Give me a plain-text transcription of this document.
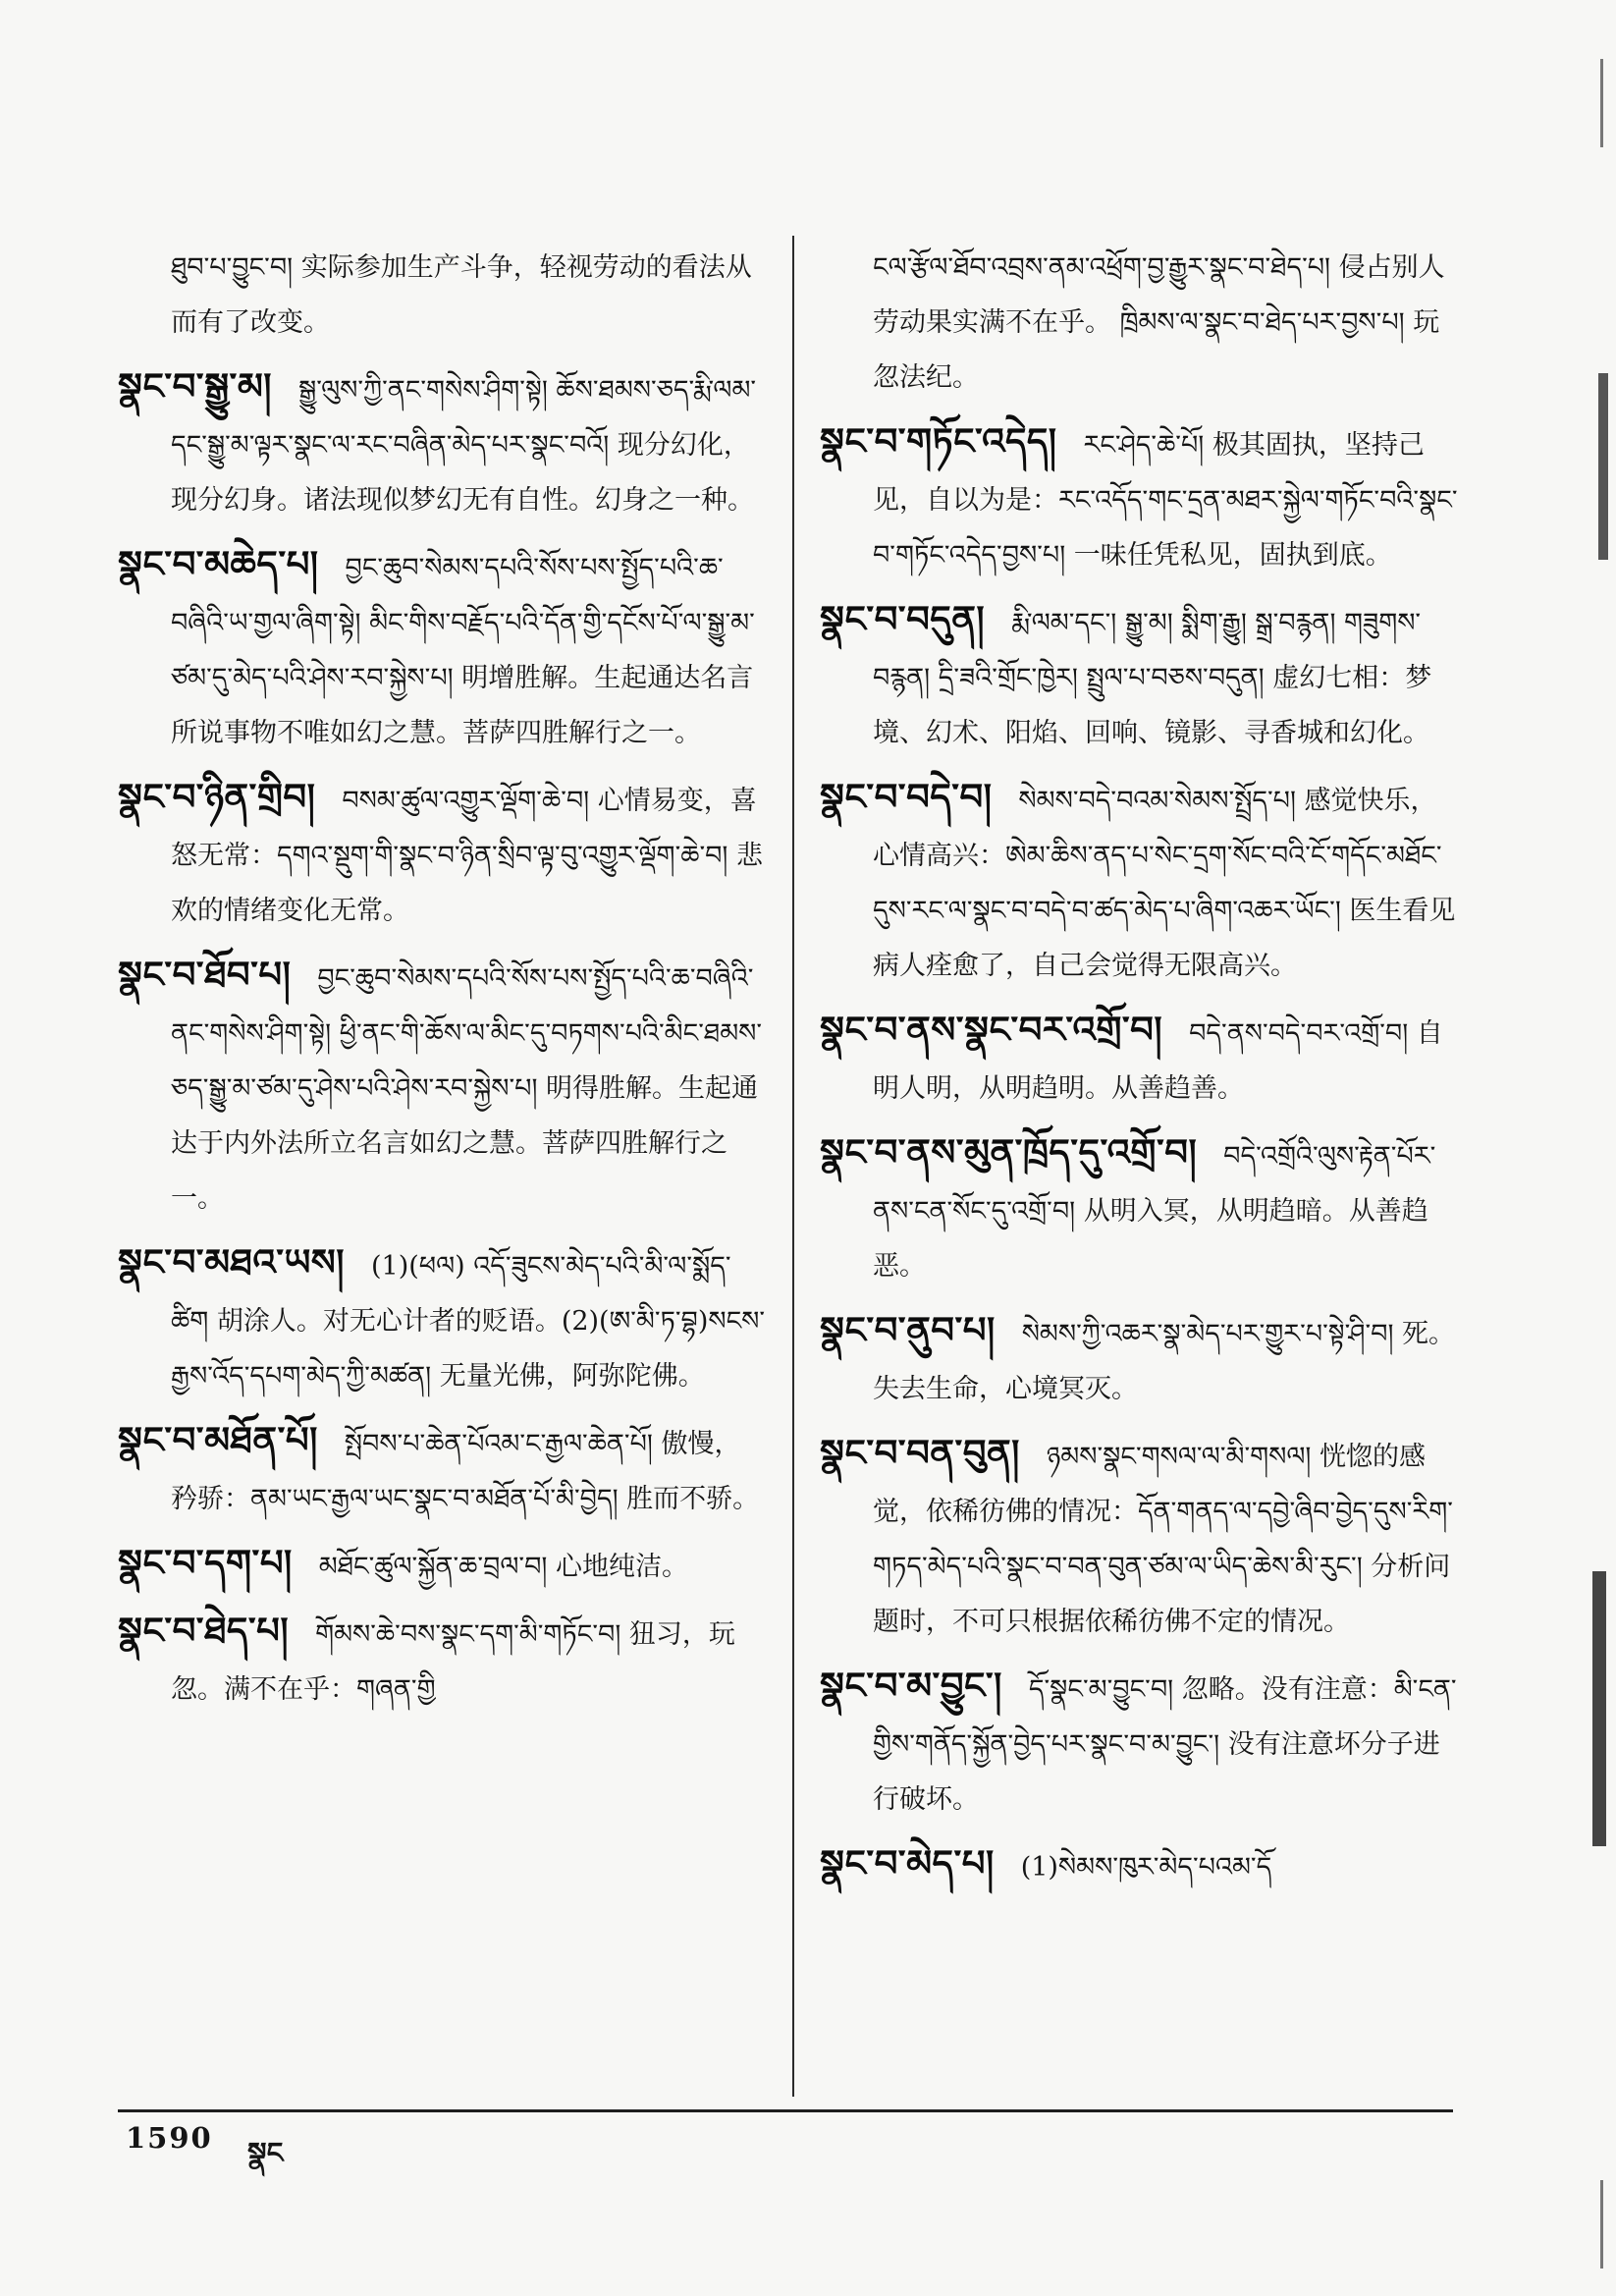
ཐུབ་པ་བྱུང་བ། 实际参加生产斗争，轻视劳动的看法从而有了改变。
སྣང་བ་སྒྱུ་མ།  སྒྱུ་ལུས་ཀྱི་ནང་གསེས་ཤིག་སྟེ། ཆོས་ཐམས་ཅད་རྨི་ལམ་དང་སྒྱུ་མ་ལྟར་སྣང་ལ་རང་བཞིན་མེད་པར་སྣང་བའོ། 现分幻化，现分幻身。诸法现似梦幻无有自性。幻身之一种。
སྣང་བ་མཆེད་པ།  བྱང་ཆུབ་སེམས་དཔའི་སོས་པས་སྤྱོད་པའི་ཆ་བཞིའི་ཡ་གྱལ་ཞིག་སྟེ། མིང་གིས་བརྗོད་པའི་དོན་གྱི་དངོས་པོ་ལ་སྒྱུ་མ་ཙམ་དུ་མེད་པའི་ཤེས་རབ་སྐྱེས་པ། 明增胜解。生起通达名言所说事物不唯如幻之慧。菩萨四胜解行之一。
སྣང་བ་ཉིན་གྲིབ།  བསམ་ཚུལ་འགྱུར་ལྡོག་ཆེ་བ། 心情易变，喜怒无常：དགའ་སྡུག་གི་སྣང་བ་ཉིན་སྲིབ་ལྟ་བུ་འགྱུར་ལྡོག་ཆེ་བ། 悲欢的情绪变化无常。
སྣང་བ་ཐོབ་པ།  བྱང་ཆུབ་སེམས་དཔའི་སོས་པས་སྤྱོད་པའི་ཆ་བཞིའི་ནང་གསེས་ཤིག་སྟེ། ཕྱི་ནང་གི་ཆོས་ལ་མིང་དུ་བཏགས་པའི་མིང་ཐམས་ཅད་སྒྱུ་མ་ཙམ་དུ་ཤེས་པའི་ཤེས་རབ་སྐྱེས་པ། 明得胜解。生起通达于内外法所立名言如幻之慧。菩萨四胜解行之一。
སྣང་བ་མཐའ་ཡས།  (1)(ཕལ) འདོ་ཟུངས་མེད་པའི་མི་ལ་སྨོད་ཚིག 胡涂人。对无心计者的贬语。(2)(ཨ་མི་ཏ་བྷ)སངས་རྒྱས་འོད་དཔག་མེད་ཀྱི་མཚན། 无量光佛，阿弥陀佛。
སྣང་བ་མཐོན་པོ།  སྤོབས་པ་ཆེན་པོའམ་ང་རྒྱལ་ཆེན་པོ། 傲慢，矜骄：ནམ་ཡང་རྒྱལ་ཡང་སྣང་བ་མཐོན་པོ་མི་བྱེད། 胜而不骄。
སྣང་བ་དག་པ།  མཐོང་ཚུལ་སྐྱོན་ཆ་བྲལ་བ། 心地纯洁。
སྣང་བ་ཐེད་པ།  གོམས་ཆེ་བས་སྣང་དག་མི་གཏོང་བ། 狃习，玩忽。满不在乎：གཞན་གྱི
ངལ་རྩོལ་ཐོབ་འབྲས་ནམ་འཕྲོག་བྱ་རྒྱུར་སྣང་བ་ཐེད་པ། 侵占别人劳动果实满不在乎。 ཁྲིམས་ལ་སྣང་བ་ཐེད་པར་བྱས་པ། 玩忽法纪。
སྣང་བ་གཏོང་འདེད།  རང་ཤེད་ཆེ་པོ། 极其固执，坚持己见，自以为是：རང་འདོད་གང་དྲན་མཐར་སྐྱེལ་གཏོང་བའི་སྣང་བ་གཏོང་འདེད་བྱས་པ། 一味任凭私见，固执到底。
སྣང་བ་བདུན།  རྨི་ལམ་དང་། སྒྱུ་མ། སྨིག་རྒྱུ། སྒྲ་བརྙན། གཟུགས་བརྙན། དྲི་ཟའི་གྲོང་ཁྱེར། སྤྲུལ་པ་བཅས་བདུན། 虚幻七相：梦境、幻术、阳焰、回响、镜影、寻香城和幻化。
སྣང་བ་བདེ་བ།  སེམས་བདེ་བའམ་སེམས་སྤྲོད་པ། 感觉快乐，心情高兴：ཨེམ་ཆིས་ནད་པ་སེང་དྲག་སོང་བའི་ངོ་གདོང་མཐོང་དུས་རང་ལ་སྣང་བ་བདེ་བ་ཚད་མེད་པ་ཞིག་འཆར་ཡོང་། 医生看见病人痊愈了，自己会觉得无限高兴。
སྣང་བ་ནས་སྣང་བར་འགྲོ་བ།  བདེ་ནས་བདེ་བར་འགྲོ་བ། 自明人明，从明趋明。从善趋善。
སྣང་བ་ནས་མུན་ཁྲོད་དུ་འགྲོ་བ།  བདེ་འགྲོའི་ལུས་རྟེན་པོར་ནས་ངན་སོང་དུ་འགྲོ་བ། 从明入冥，从明趋暗。从善趋恶。
སྣང་བ་ནུབ་པ།  སེམས་ཀྱི་འཆར་སྣ་མེད་པར་གྱུར་པ་སྟེ་ཤི་བ། 死。失去生命，心境冥灭。
སྣང་བ་བན་བུན།  ཉམས་སྣང་གསལ་ལ་མི་གསལ། 恍惚的感觉，依稀彷佛的情况：དོན་གནད་ལ་དབྱེ་ཞིབ་བྱེད་དུས་རིག་གཏད་མེད་པའི་སྣང་བ་བན་བུན་ཙམ་ལ་ཡིད་ཆེས་མི་རུང་། 分析问题时，不可只根据依稀彷佛不定的情况。
སྣང་བ་མ་བྱུང་།  དོ་སྣང་མ་བྱུང་བ། 忽略。没有注意：མི་ངན་གྱིས་གནོད་སྐྱོན་བྱེད་པར་སྣང་བ་མ་བྱུང་། 没有注意坏分子进行破坏。
སྣང་བ་མེད་པ།  (1)སེམས་ཁུར་མེད་པའམ་དོ
1590 སྣང
